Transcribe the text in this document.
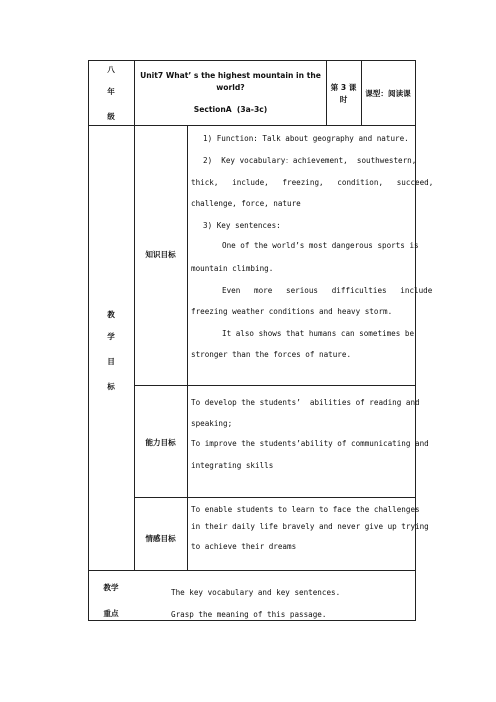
八
年
级
Unit7 What’ s the highest mountain in the
world?
SectionA  (3a-3c)
第 3 课
时
课型：阅读课
教
学
目
标
知识目标
1) Function: Talk about geography and nature.
2)  Key vocabulary：achievement,  southwestern,
thick,   include,   freezing,   condition,   succeed,
challenge, force, nature
3) Key sentences:
One of the world’s most dangerous sports is
mountain climbing.
Even   more   serious   difficulties   include
freezing weather conditions and heavy storm.
It also shows that humans can sometimes be
stronger than the forces of nature.
能力目标
To develop the students’  abilities of reading and
speaking;
To improve the students’ability of communicating and
integrating skills
情感目标
To enable students to learn to face the challenges
in their daily life bravely and never give up trying
to achieve their dreams
教学
重点
The key vocabulary and key sentences.
Grasp the meaning of this passage.
